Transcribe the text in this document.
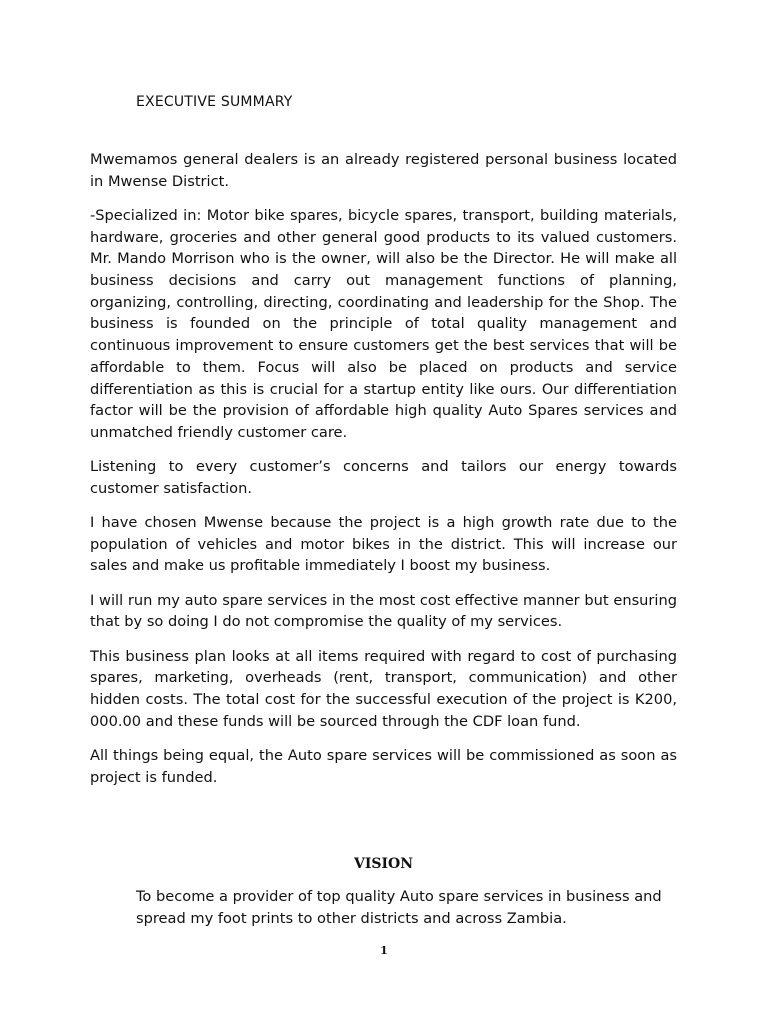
EXECUTIVE SUMMARY

Mwemamos general dealers is an already registered personal business located in Mwense District.

-Specialized in: Motor bike spares, bicycle spares, transport, building materials, hardware, groceries and other general good products to its valued customers. Mr. Mando Morrison who is the owner, will also be the Director. He will make all business decisions and carry out management functions of planning, organizing, controlling, directing, coordinating and leadership for the Shop. The business is founded on the principle of total quality management and continuous improvement to ensure customers get the best services that will be affordable to them. Focus will also be placed on products and service differentiation as this is crucial for a startup entity like ours. Our differentiation factor will be the provision of affordable high quality Auto Spares services and unmatched friendly customer care.

Listening to every customer’s concerns and tailors our energy towards customer satisfaction.

I have chosen Mwense because the project is a high growth rate due to the population of vehicles and motor bikes in the district. This will increase our sales and make us profitable immediately I boost my business.

I will run my auto spare services in the most cost effective manner but ensuring that by so doing I do not compromise the quality of my services.

This business plan looks at all items required with regard to cost of purchasing spares, marketing, overheads (rent, transport, communication) and other hidden costs. The total cost for the successful execution of the project is K200, 000.00 and these funds will be sourced through the CDF loan fund.

All things being equal, the Auto spare services will be commissioned as soon as project is funded.

VISION

To become a provider of top quality Auto spare services in business and spread my foot prints to other districts and across Zambia.

1
